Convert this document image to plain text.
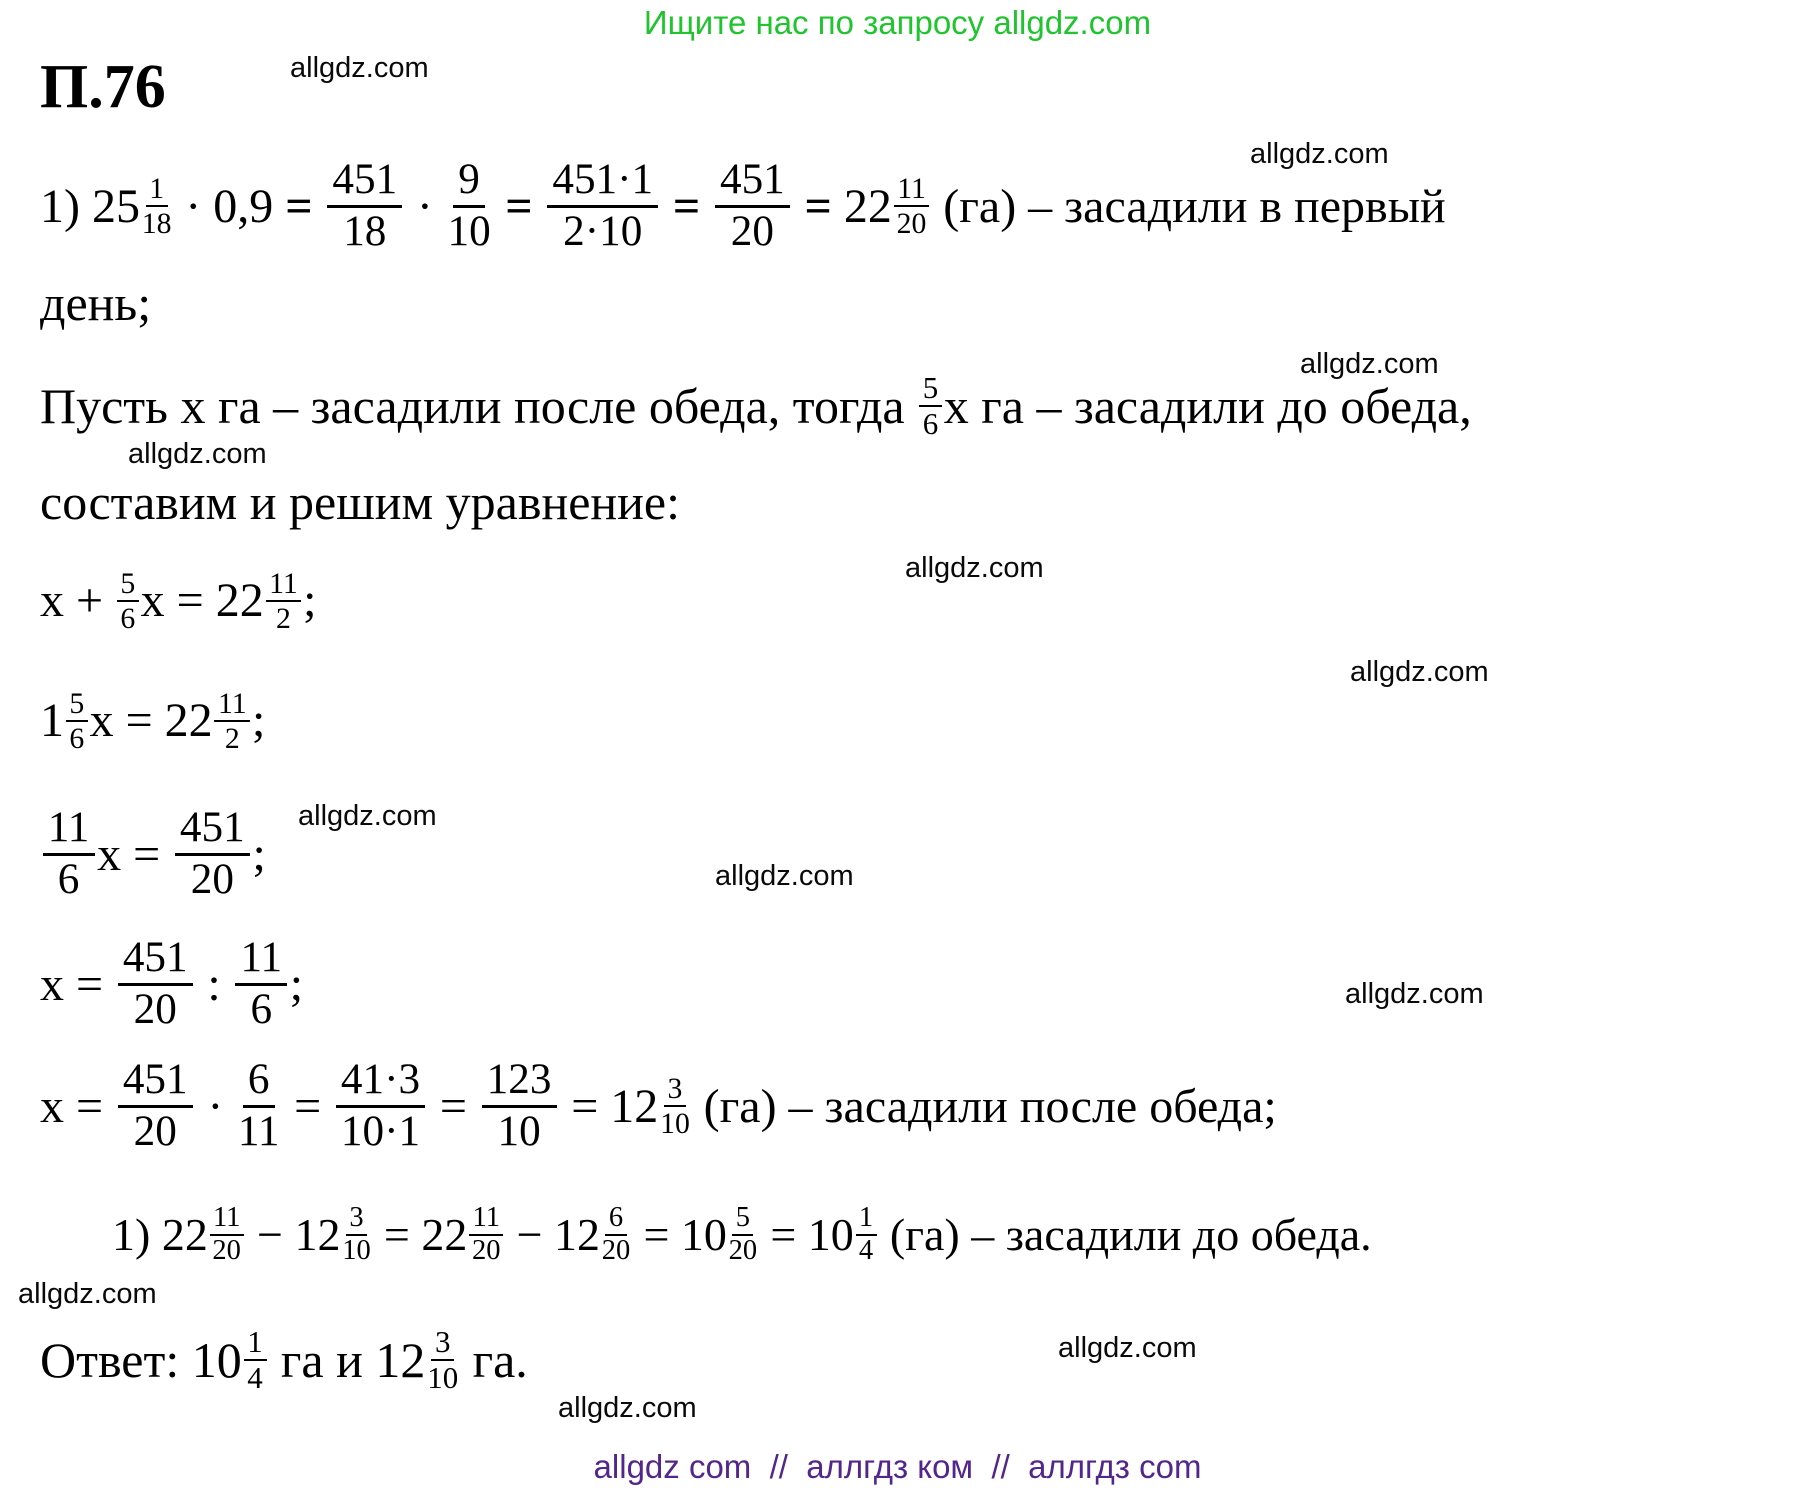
Ищите нас по запросу allgdz.com
П.76	allgdz.com
allgdz.com
allgdz.com
allgdz.com
allgdz.com
allgdz.com
allgdz.com
allgdz.com
allgdz.com
allgdz.com
allgdz.com
allgdz.com
1) $25 \frac{1}{18} \cdot 0,9$ =
$\frac{451}{18} \cdot \frac{9}{10}$
=
$\frac{451\cdot 1}{2\cdot 10}$
=
$\frac{451}{20}$
= $22 \frac{11}{20} (га)$ – засадили в первый
день;
Пусть x га – засадили после обеда, тогда $\frac{5}{6}$ x га – засадили до обеда,
составим и решим уравнение:
$x + \frac{5}{6}$ $x = 22 \frac{11}{2}$ ;
$1 \frac{5}{6}$ $x = 22 \frac{11}{2}$ ;
$\frac{11}{6}$ $x = \frac{451}{20}$ ;
$x = \frac{451}{20}$ : $\frac{11}{6}$ ;
$x = \frac{451}{20} \cdot \frac{6}{11} = \frac{41\cdot 3}{10\cdot 1} = \frac{123}{10} = 12 \frac{3}{10} (га)$ – засадили после обеда;
1) $22 \frac{11}{20} - 12 \frac{3}{10} = 22 \frac{11}{20} - 12 \frac{6}{20} = 10 \frac{5}{20} = 10 \frac{1}{4} (га)$ – засадили до обеда.
Ответ: $10 \frac{1}{4}$ га и $12 \frac{3}{10}$ га.
allgdz com  //  аллгдз ком  //  аллгдз com
